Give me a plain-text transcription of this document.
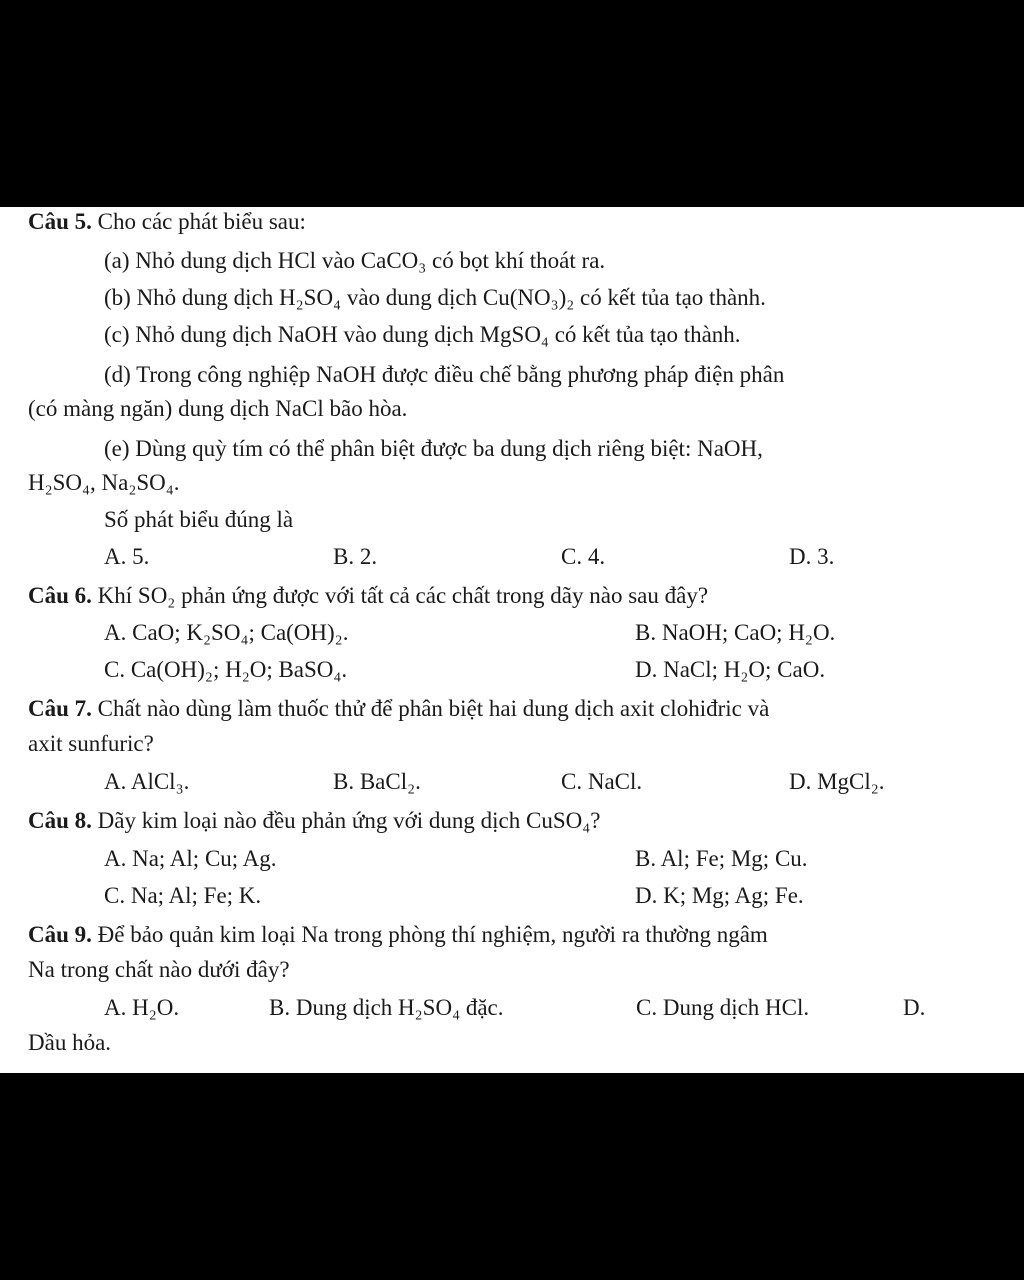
Câu 5. Cho các phát biểu sau:
(a) Nhỏ dung dịch HCl vào CaCO₃ có bọt khí thoát ra.
(b) Nhỏ dung dịch H₂SO₄ vào dung dịch Cu(NO₃)₂ có kết tủa tạo thành.
(c) Nhỏ dung dịch NaOH vào dung dịch MgSO₄ có kết tủa tạo thành.
(d) Trong công nghiệp NaOH được điều chế bằng phương pháp điện phân
(có màng ngăn) dung dịch NaCl bão hòa.
(e) Dùng quỳ tím có thể phân biệt được ba dung dịch riêng biệt: NaOH,
H₂SO₄, Na₂SO₄.
Số phát biểu đúng là
A. 5.	B. 2.	C. 4.	D. 3.
Câu 6. Khí SO₂ phản ứng được với tất cả các chất trong dãy nào sau đây?
A. CaO; K₂SO₄; Ca(OH)₂.	B. NaOH; CaO; H₂O.
C. Ca(OH)₂; H₂O; BaSO₄.	D. NaCl; H₂O; CaO.
Câu 7. Chất nào dùng làm thuốc thử để phân biệt hai dung dịch axit clohiđric và
axit sunfuric?
A. AlCl₃.	B. BaCl₂.	C. NaCl.	D. MgCl₂.
Câu 8. Dãy kim loại nào đều phản ứng với dung dịch CuSO₄?
A. Na; Al; Cu; Ag.	B. Al; Fe; Mg; Cu.
C. Na; Al; Fe; K.	D. K; Mg; Ag; Fe.
Câu 9. Để bảo quản kim loại Na trong phòng thí nghiệm, người ra thường ngâm
Na trong chất nào dưới đây?
A. H₂O.	B. Dung dịch H₂SO₄ đặc.	C. Dung dịch HCl.	D.
Dầu hỏa.
